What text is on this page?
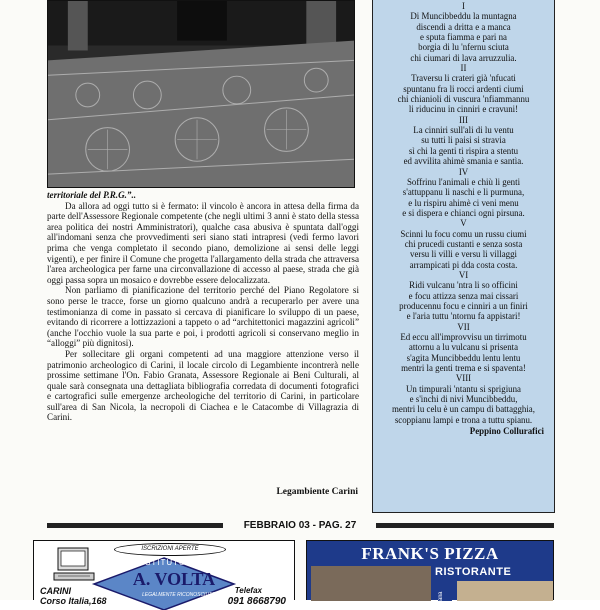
territoriale del P.R.G.”..

Da allora ad oggi tutto si è fermato: il vincolo è ancora in attesa della firma da parte dell'Assessore Regionale competente (che negli ultimi 3 anni è stato della stessa area politica dei nostri Amministratori), qualche casa abusiva è spuntata dall'oggi all'indomani senza che provvedimenti seri siano stati intrapresi (vedi fermo lavori prima che venga completato il secondo piano, demolizione ai sensi delle leggi vigenti), e per finire il Comune che progetta l'allargamento della strada che attraversa l'area archeologica per farne una circonvallazione di accesso al paese, strada che già oggi passa sopra un mosaico e dovrebbe essere delocalizzata.

Non parliamo di pianificazione del territorio perché del Piano Regolatore si sono perse le tracce, forse un giorno qualcuno andrà a recuperarlo per avere una testimonianza di come in passato si cercava di pianificare lo sviluppo di un paese, evitando di ricorrere a lottizzazioni a tappeto o ad “architettonici magazzini agricoli” (anche l'occhio vuole la sua parte e poi, i prodotti agricoli si conservano meglio in “alloggi” più dignitosi).

Per sollecitare gli organi competenti ad una maggiore attenzione verso il patrimonio archeologico di Carini, il locale circolo di Legambiente incontrerà nelle prossime settimane l'On. Fabio Granata, Assessore Regionale ai Beni Culturali, al quale sarà consegnata una dettagliata bibliografia corredata di documenti fotografici e cartografici sulle emergenze archeologiche del territorio di Carini, in particolare sull'area di San Nicola, la necropoli di Ciachea e le Catacombe di Villagrazia di Carini.

Legambiente Carini
I
Di Muncibbeddu la muntagna
discendi a dritta e a manca
e sputa fiamma e pari na
borgia di lu 'nfernu sciuta
chi ciumari di lava arruzzulia.
II
Traversu li crateri già 'nfucati
spuntanu fra li rocci ardenti ciumi
chi chianioli di vuscura 'nfiammannu
li riducinu in cinniri e cravuni!
III
La cinniri sull'ali di lu ventu
su tutti li paisi si stravia
sì chi la genti ti rispira a stentu
ed avvilita ahimè smania e santìa.
IV
Soffrinu l'animali e chiù li genti
s'attuppanu li naschi e li purmuna,
e lu rispiru ahimè ci veni menu
e si dispera e chianci ogni pirsuna.
V
Scinni lu focu comu un russu ciumi
chi prucedi custanti e senza sosta
versu li villi e versu li villaggi
arrampicati pi dda costa costa.
VI
Ridi vulcanu 'ntra li so officini
e focu attizza senza mai cissari
producennu focu e cinniri a un finiri
e l'aria tuttu 'ntornu fa appistari!
VII
Ed eccu all'improvvisu un tirrimotu
attornu a lu vulcanu si prisenta
s'agita Muncibbeddu lentu lentu
mentri la genti trema e si spaventa!
VIII
Un timpurali 'ntantu si sprigiuna
e s'inchi di nivi Muncibbeddu,
mentri lu celu è un campu di battagghia,
scoppianu lampi e trona a tuttu spianu.
Peppino Collurafici
FEBBRAIO 03 - PAG. 27
ISCRIZIONI APERTE
ISTITUTO
A. VOLTA
LEGALMENTE RICONOSCIUTO
CARINI
Corso Italia,168
Telefax
091 8668790
FRANK'S PIZZA
RISTORANTE
alia
